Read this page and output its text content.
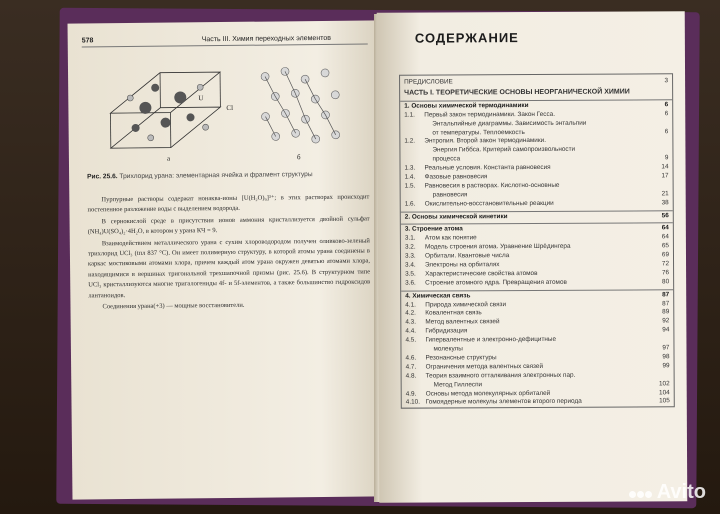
578	Часть III. Химия переходных элементов
U
Cl
а	б
Рис. 25.6. Трихлорид урана: элементарная ячейка и фрагмент структуры

Пурпурные растворы содержат нонаквa-ионы [U(H₂O)₉]³⁺; в этих растворах происходит постепенное разложение воды с выделением водорода.

В сернокислой среде в присутствии ионов аммония кристаллизуется двойной сульфат (NH₄)U(SO₄)₂·4H₂O, в котором у урана КЧ = 9.

Взаимодействием металлического урана с сухим хлороводородом получен оливково-зеленый трихлорид UCl₃ (tпл 837 °С). Он имеет полимерную структуру, в которой атомы урана соединены в каркас мостиковыми атомами хлора, причем каждый атом урана окружен девятью атомами хлора, находящимися в вершинах тригональной трехшапочной призмы (рис. 25.6). В структурном типе UCl₃ кристаллизуются многие тригалогениды 4f- и 5f-элементов, а также большинство гидроксидов лантаноидов.

Соединения урана(+3) — мощные восстановители.

СОДЕРЖАНИЕ
ПРЕДИСЛОВИЕ	3
ЧАСТЬ I. ТЕОРЕТИЧЕСКИЕ ОСНОВЫ НЕОРГАНИЧЕСКОЙ ХИМИИ
1. Основы химической термодинамики	6
1.1. Первый закон термодинамики. Закон Гесса.	6
Энтальпийные диаграммы. Зависимость энтальпии
от температуры. Теплоемкость	6
1.2. Энтропия. Второй закон термодинамики.
Энергия Гиббса. Критерий самопроизвольности
процесса	9
1.3. Реальные условия. Константа равновесия	14
1.4. Фазовые равновесия	17
1.5. Равновесия в растворах. Кислотно-основные
равновесия	21
1.6. Окислительно-восстановительные реакции	38
2. Основы химической кинетики	56
3. Строение атома	64
3.1. Атом как понятие	64
3.2. Модель строения атома. Уравнение Шрёдингера	65
3.3. Орбитали. Квантовые числа	69
3.4. Электроны на орбиталях	72
3.5. Характеристические свойства атомов	76
3.6. Строение атомного ядра. Превращения атомов	80
4. Химическая связь	87
4.1. Природа химической связи	87
4.2. Ковалентная связь	89
4.3. Метод валентных связей	92
4.4. Гибридизация	94
4.5. Гипервалентные и электронно-дефицитные
молекулы	97
4.6. Резонансные структуры	98
4.7. Ограничения метода валентных связей	99
4.8. Теория взаимного отталкивания электронных пар.
Метод Гиллеспи	102
4.9. Основы метода молекулярных орбиталей	104
4.10. Гомоядерные молекулы элементов второго периода	105
Avito
